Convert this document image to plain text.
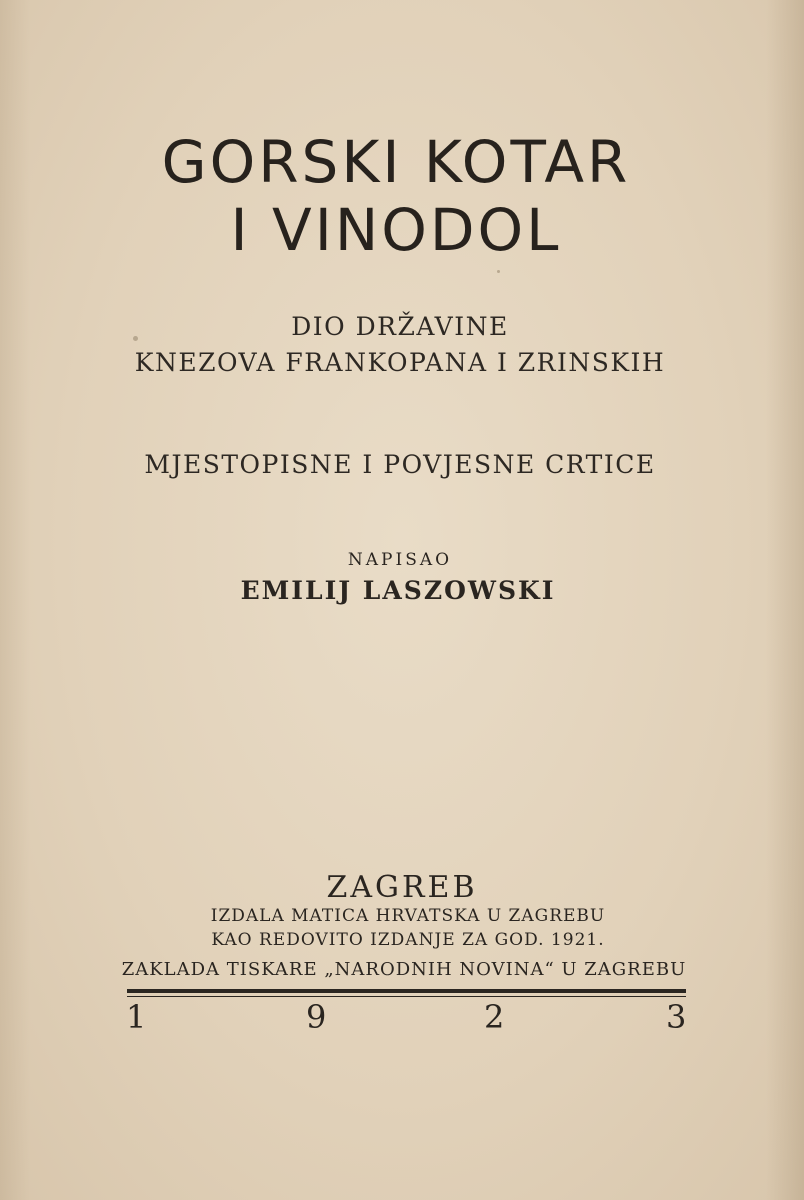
GORSKI KOTAR
I VINODOL
DIO DRŽAVINE
KNEZOVA FRANKOPANA I ZRINSKIH
MJESTOPISNE I POVJESNE CRTICE
NAPISAO
EMILIJ LASZOWSKI
ZAGREB
IZDALA MATICA HRVATSKA U ZAGREBU
KAO REDOVITO IZDANJE ZA GOD. 1921.
ZAKLADA TISKARE „NARODNIH NOVINA“ U ZAGREBU
1	9	2	3
